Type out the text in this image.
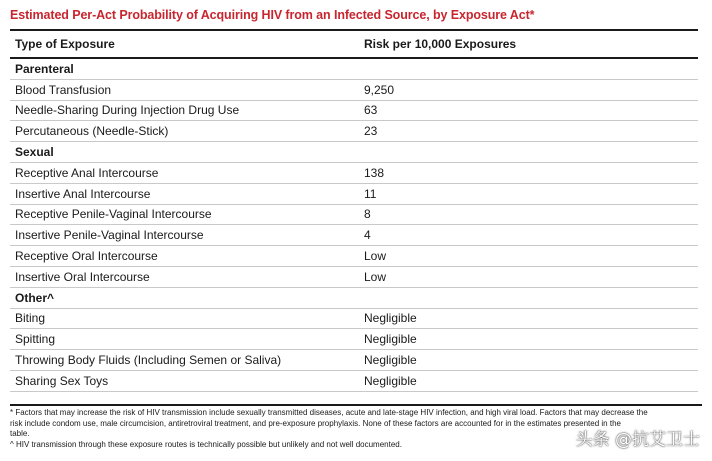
Estimated Per-Act Probability of Acquiring HIV from an Infected Source, by Exposure Act*
Type of Exposure	Risk per 10,000 Exposures
Parenteral
Blood Transfusion	9,250
Needle-Sharing During Injection Drug Use	63
Percutaneous (Needle-Stick)	23
Sexual
Receptive Anal Intercourse	138
Insertive Anal Intercourse	11
Receptive Penile-Vaginal Intercourse	8
Insertive Penile-Vaginal Intercourse	4
Receptive Oral Intercourse	Low
Insertive Oral Intercourse	Low
Other^
Biting	Negligible
Spitting	Negligible
Throwing Body Fluids (Including Semen or Saliva)	Negligible
Sharing Sex Toys	Negligible
* Factors that may increase the risk of HIV transmission include sexually transmitted diseases, acute and late-stage HIV infection, and high viral load. Factors that may decrease the
risk include condom use, male circumcision, antiretroviral treatment, and pre-exposure prophylaxis. None of these factors are accounted for in the estimates presented in the
table.
^ HIV transmission through these exposure routes is technically possible but unlikely and not well documented.	头条 @抗艾卫士
